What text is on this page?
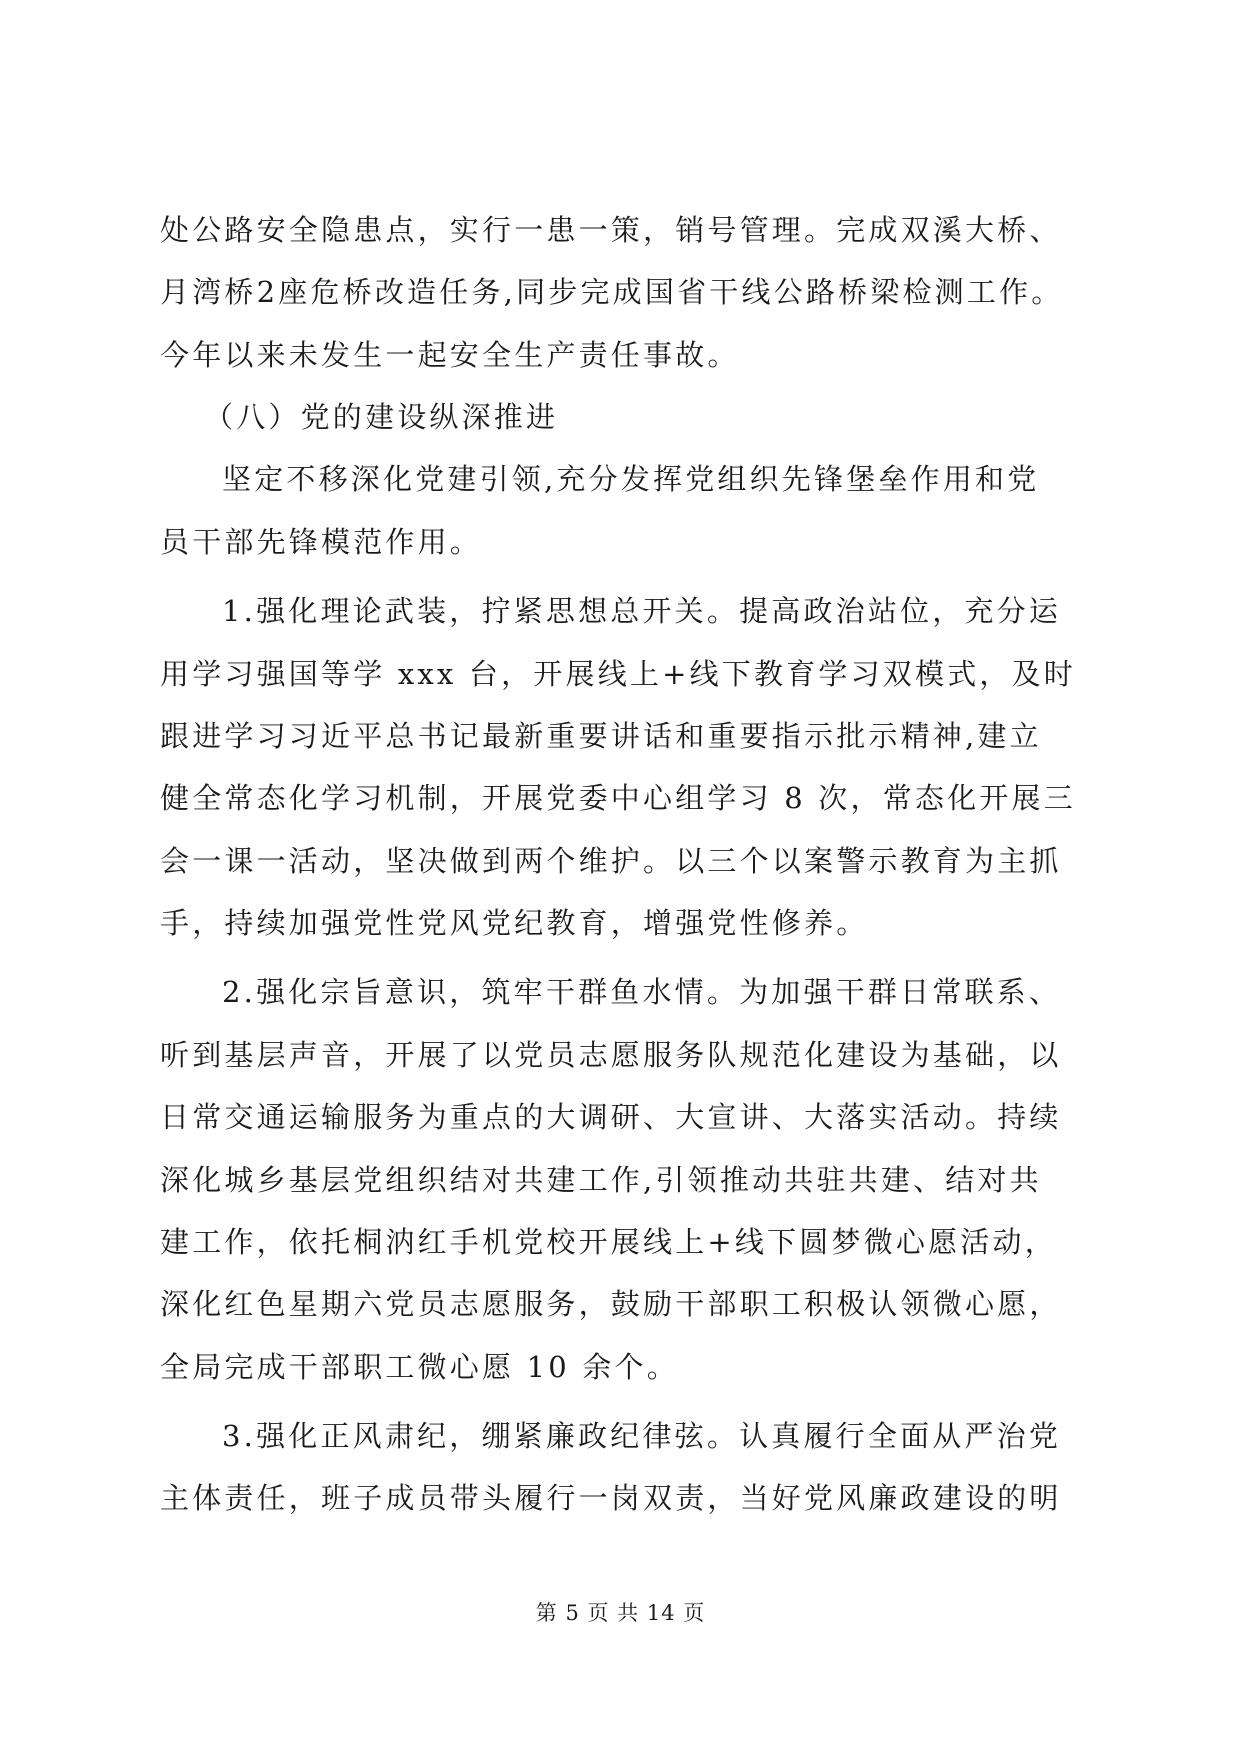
处公路安全隐患点，实行一患一策，销号管理。完成双溪大桥、
月湾桥2座危桥改造任务,同步完成国省干线公路桥梁检测工作。
今年以来未发生一起安全生产责任事故。
（八）党的建设纵深推进
坚定不移深化党建引领,充分发挥党组织先锋堡垒作用和党
员干部先锋模范作用。
1.强化理论武装，拧紧思想总开关。提高政治站位，充分运
用学习强国等学 xxx 台，开展线上+线下教育学习双模式，及时
跟进学习习近平总书记最新重要讲话和重要指示批示精神,建立
健全常态化学习机制，开展党委中心组学习 8 次，常态化开展三
会一课一活动，坚决做到两个维护。以三个以案警示教育为主抓
手，持续加强党性党风党纪教育，增强党性修养。
2.强化宗旨意识，筑牢干群鱼水情。为加强干群日常联系、
听到基层声音，开展了以党员志愿服务队规范化建设为基础，以
日常交通运输服务为重点的大调研、大宣讲、大落实活动。持续
深化城乡基层党组织结对共建工作,引领推动共驻共建、结对共
建工作，依托桐汭红手机党校开展线上+线下圆梦微心愿活动，
深化红色星期六党员志愿服务，鼓励干部职工积极认领微心愿，
全局完成干部职工微心愿 10 余个。
3.强化正风肃纪，绷紧廉政纪律弦。认真履行全面从严治党
主体责任，班子成员带头履行一岗双责，当好党风廉政建设的明
第 5 页 共 14 页
